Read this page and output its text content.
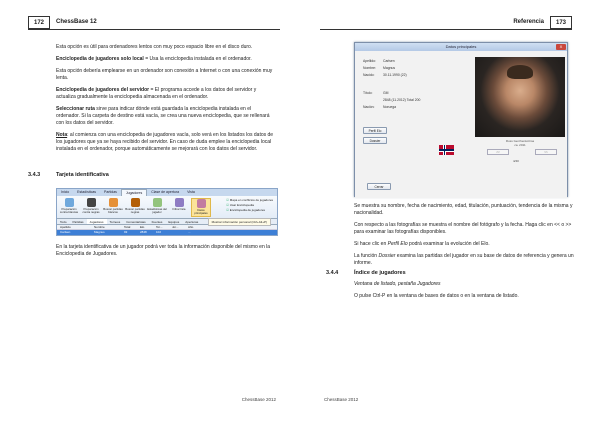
172	ChessBase 12

Esta opción es útil para ordenadores lentos con muy poco espacio libre en el disco duro.

Enciclopedia de jugadores solo local = Usa la enciclopedia instalada en el ordenador.

Esta opción debería emplearse en un ordenador son conexión a Internet o con una conexión muy lenta.

Enciclopedia de jugadores del servidor = El programa accede a los datos del servidor y actualiza gradualmente la enciclopedia almacenada en el ordenador.

Seleccionar ruta sirve para indicar dónde está guardada la enciclopedia instalada en el ordenador. Si la carpeta de destino está vacía, se crea una nueva enciclopedia, que se rellenará con los datos del servidor.

Nota: al comienza con una enciclopedia de jugadores vacía, solo verá en los listados los datos de los jugadores que ya se haya recibido del servidor. En caso de duda emplee la enciclopedia local instalada en el ordenador, porque automáticamente se mejorará con los datos del servidor.

3.4.3	Tarjeta identificativa
Inicio	Estadísticas	Partidas	Jugadores	Clase de apertura	Vista
Preparación contra blancas
Preparación contra negras
Buscar partidas blancos
Buscar partidas negras
Estadísticas del jugador
Filtrar lista	Datos principales
☑ Mapa en conflictos de jugadores
☑ Usar Enciclopedia
☑ Enciclopedia de jugadores
Todo	Partidas	Jugadores	Torneos	Comentaristas	Fuentes	Equipos	Aperturas
Apellido	Nombre	Total	Elo	Tor...	Jor...	Año
Carlsen	Magnus	93	2848	102	...
Mostrar información personal (Ctrl+Alt+P)

En la tarjeta identificativa de un jugador podrá ver toda la información disponible del mismo en la Enciclopedia de Jugadores.

ChessBase 2012
Referencia	173
Datos principales	X
Apellido:	Carlsen
Nombre:	Magnus
Nacido:	30.11.1990 (22)
Título:	GM
2848 (11.2012) Total 200
Nación:	Noruega
Perfil Elo
Dossier	Russ Gerchenko/tma
ca. 2011
<<	>>
4/40
Cerrar

Se muestra su nombre, fecha de nacimiento, edad, titulación, puntuación, tendencia de la misma y nacionalidad.

Con respecto a las fotografías se muestra el nombre del fotógrafo y la fecha. Haga clic en << o >> para examinar las fotografías disponibles.

Si hace clic en Perfil Elo podrá examinar la evolución del Elo.

La función Dossier examina las partidas del jugador en su base de datos de referencia y genera un informe.

3.4.4	Índice de jugadores

Ventana de listado, pestaña Jugadores

O pulse Ctrl-P en la ventana de bases de datos o en la ventana de listado.

ChessBase 2012
